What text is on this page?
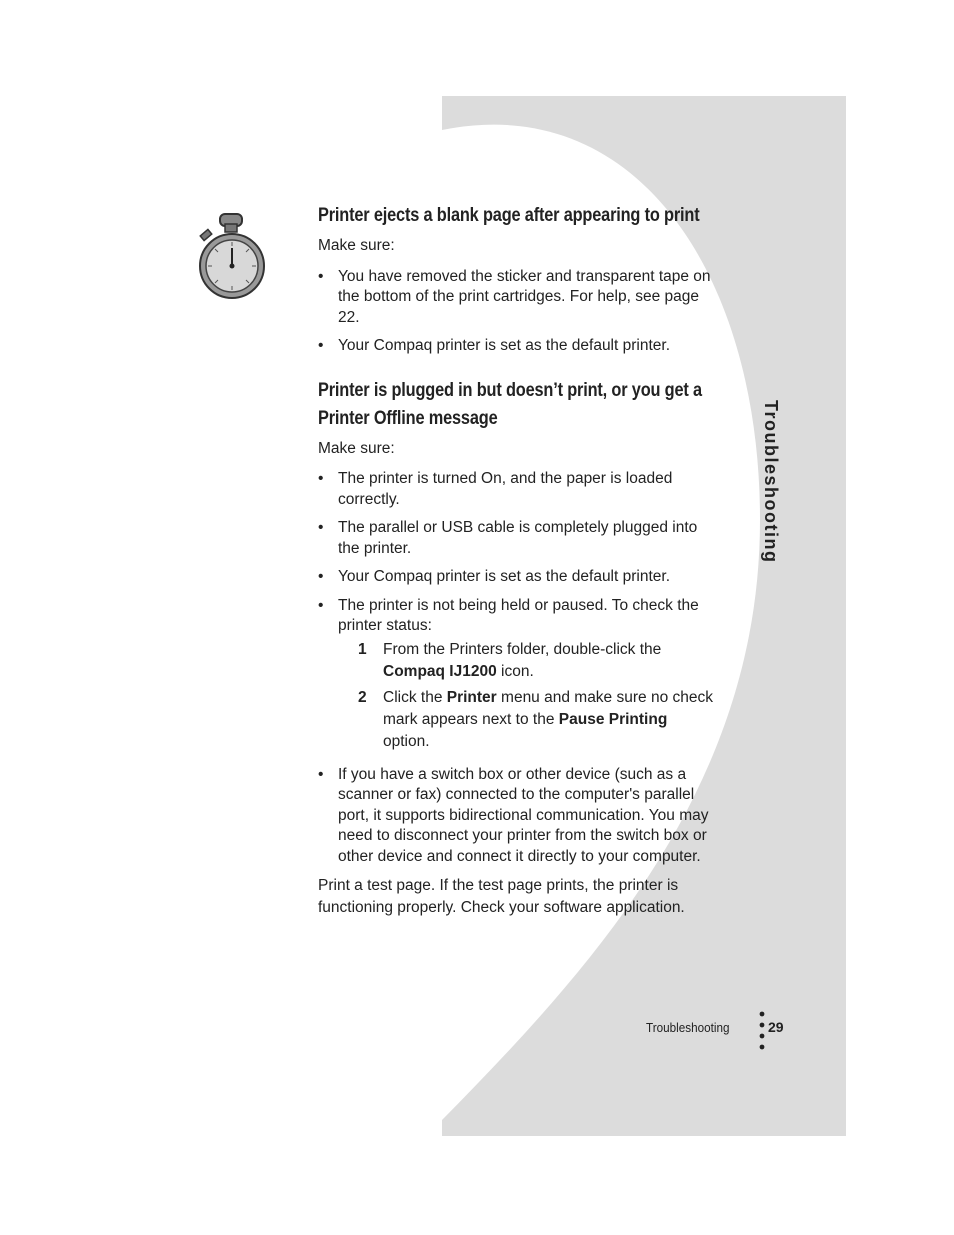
Printer ejects a blank page after appearing to print
Make sure:
• You have removed the sticker and transparent tape on the bottom of the print cartridges. For help, see page 22.
• Your Compaq printer is set as the default printer.
Printer is plugged in but doesn’t print, or you get a
Printer Offline message
Make sure:
• The printer is turned On, and the paper is loaded correctly.
• The parallel or USB cable is completely plugged into the printer.
• Your Compaq printer is set as the default printer.
• The printer is not being held or paused. To check the printer status:
1 From the Printers folder, double-click the Compaq IJ1200 icon.
2 Click the Printer menu and make sure no check mark appears next to the Pause Printing option.
• If you have a switch box or other device (such as a scanner or fax) connected to the computer's parallel port, it supports bidirectional communication. You may need to disconnect your printer from the switch box or other device and connect it directly to your computer.
Print a test page. If the test page prints, the printer is functioning properly. Check your software application.
Troubleshooting
Troubleshooting	29
